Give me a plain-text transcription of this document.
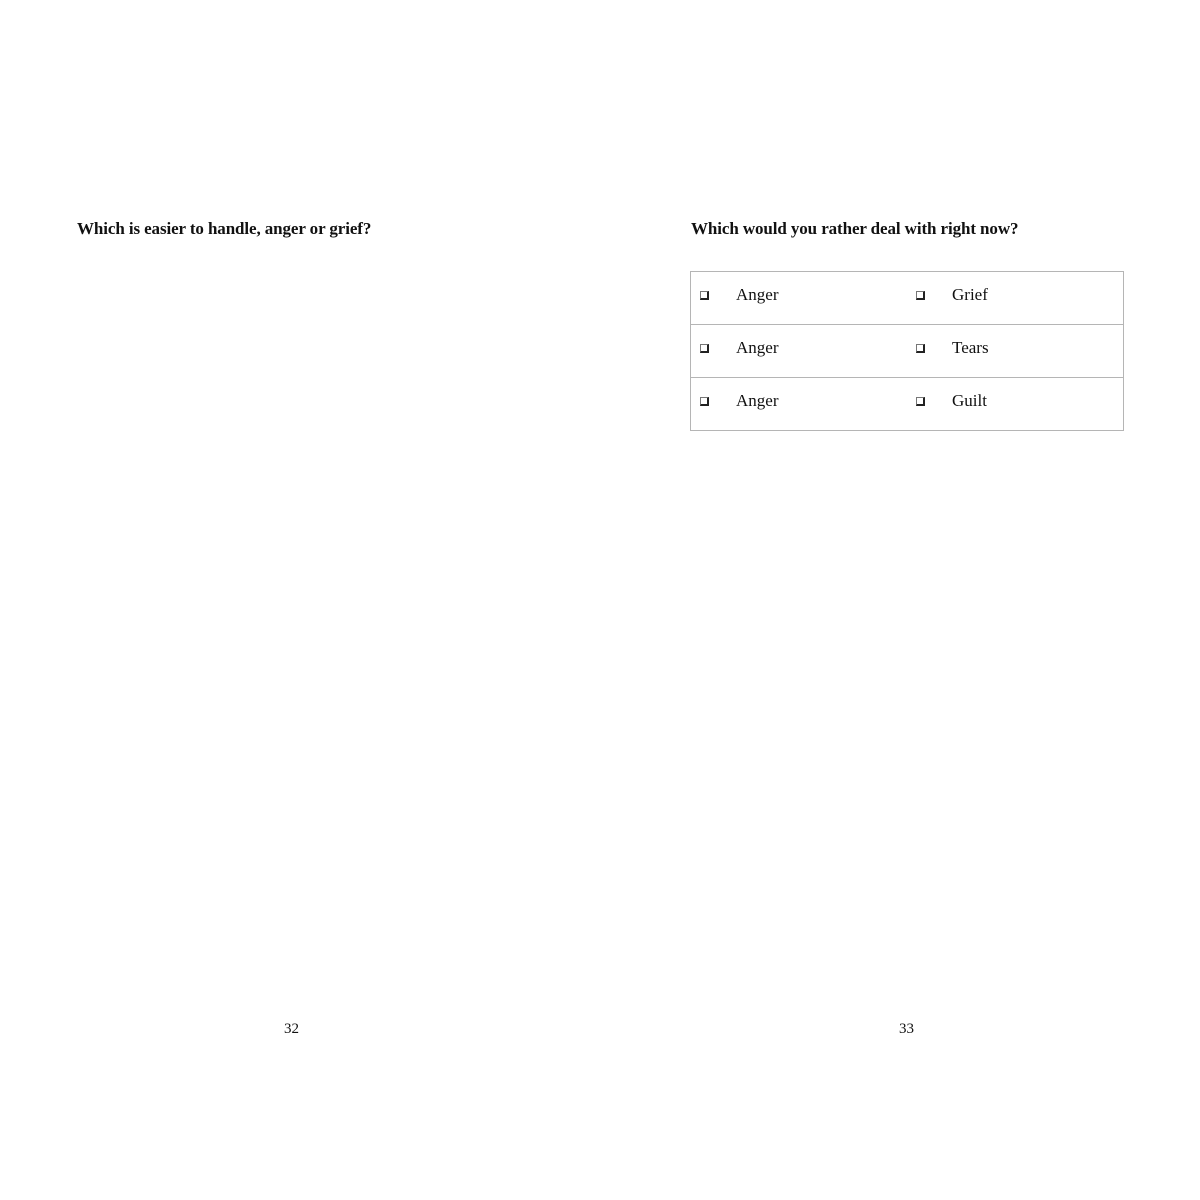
Which is easier to handle, anger or grief?
32
Which would you rather deal with right now?
Anger	Grief
Anger	Tears
Anger	Guilt
33
